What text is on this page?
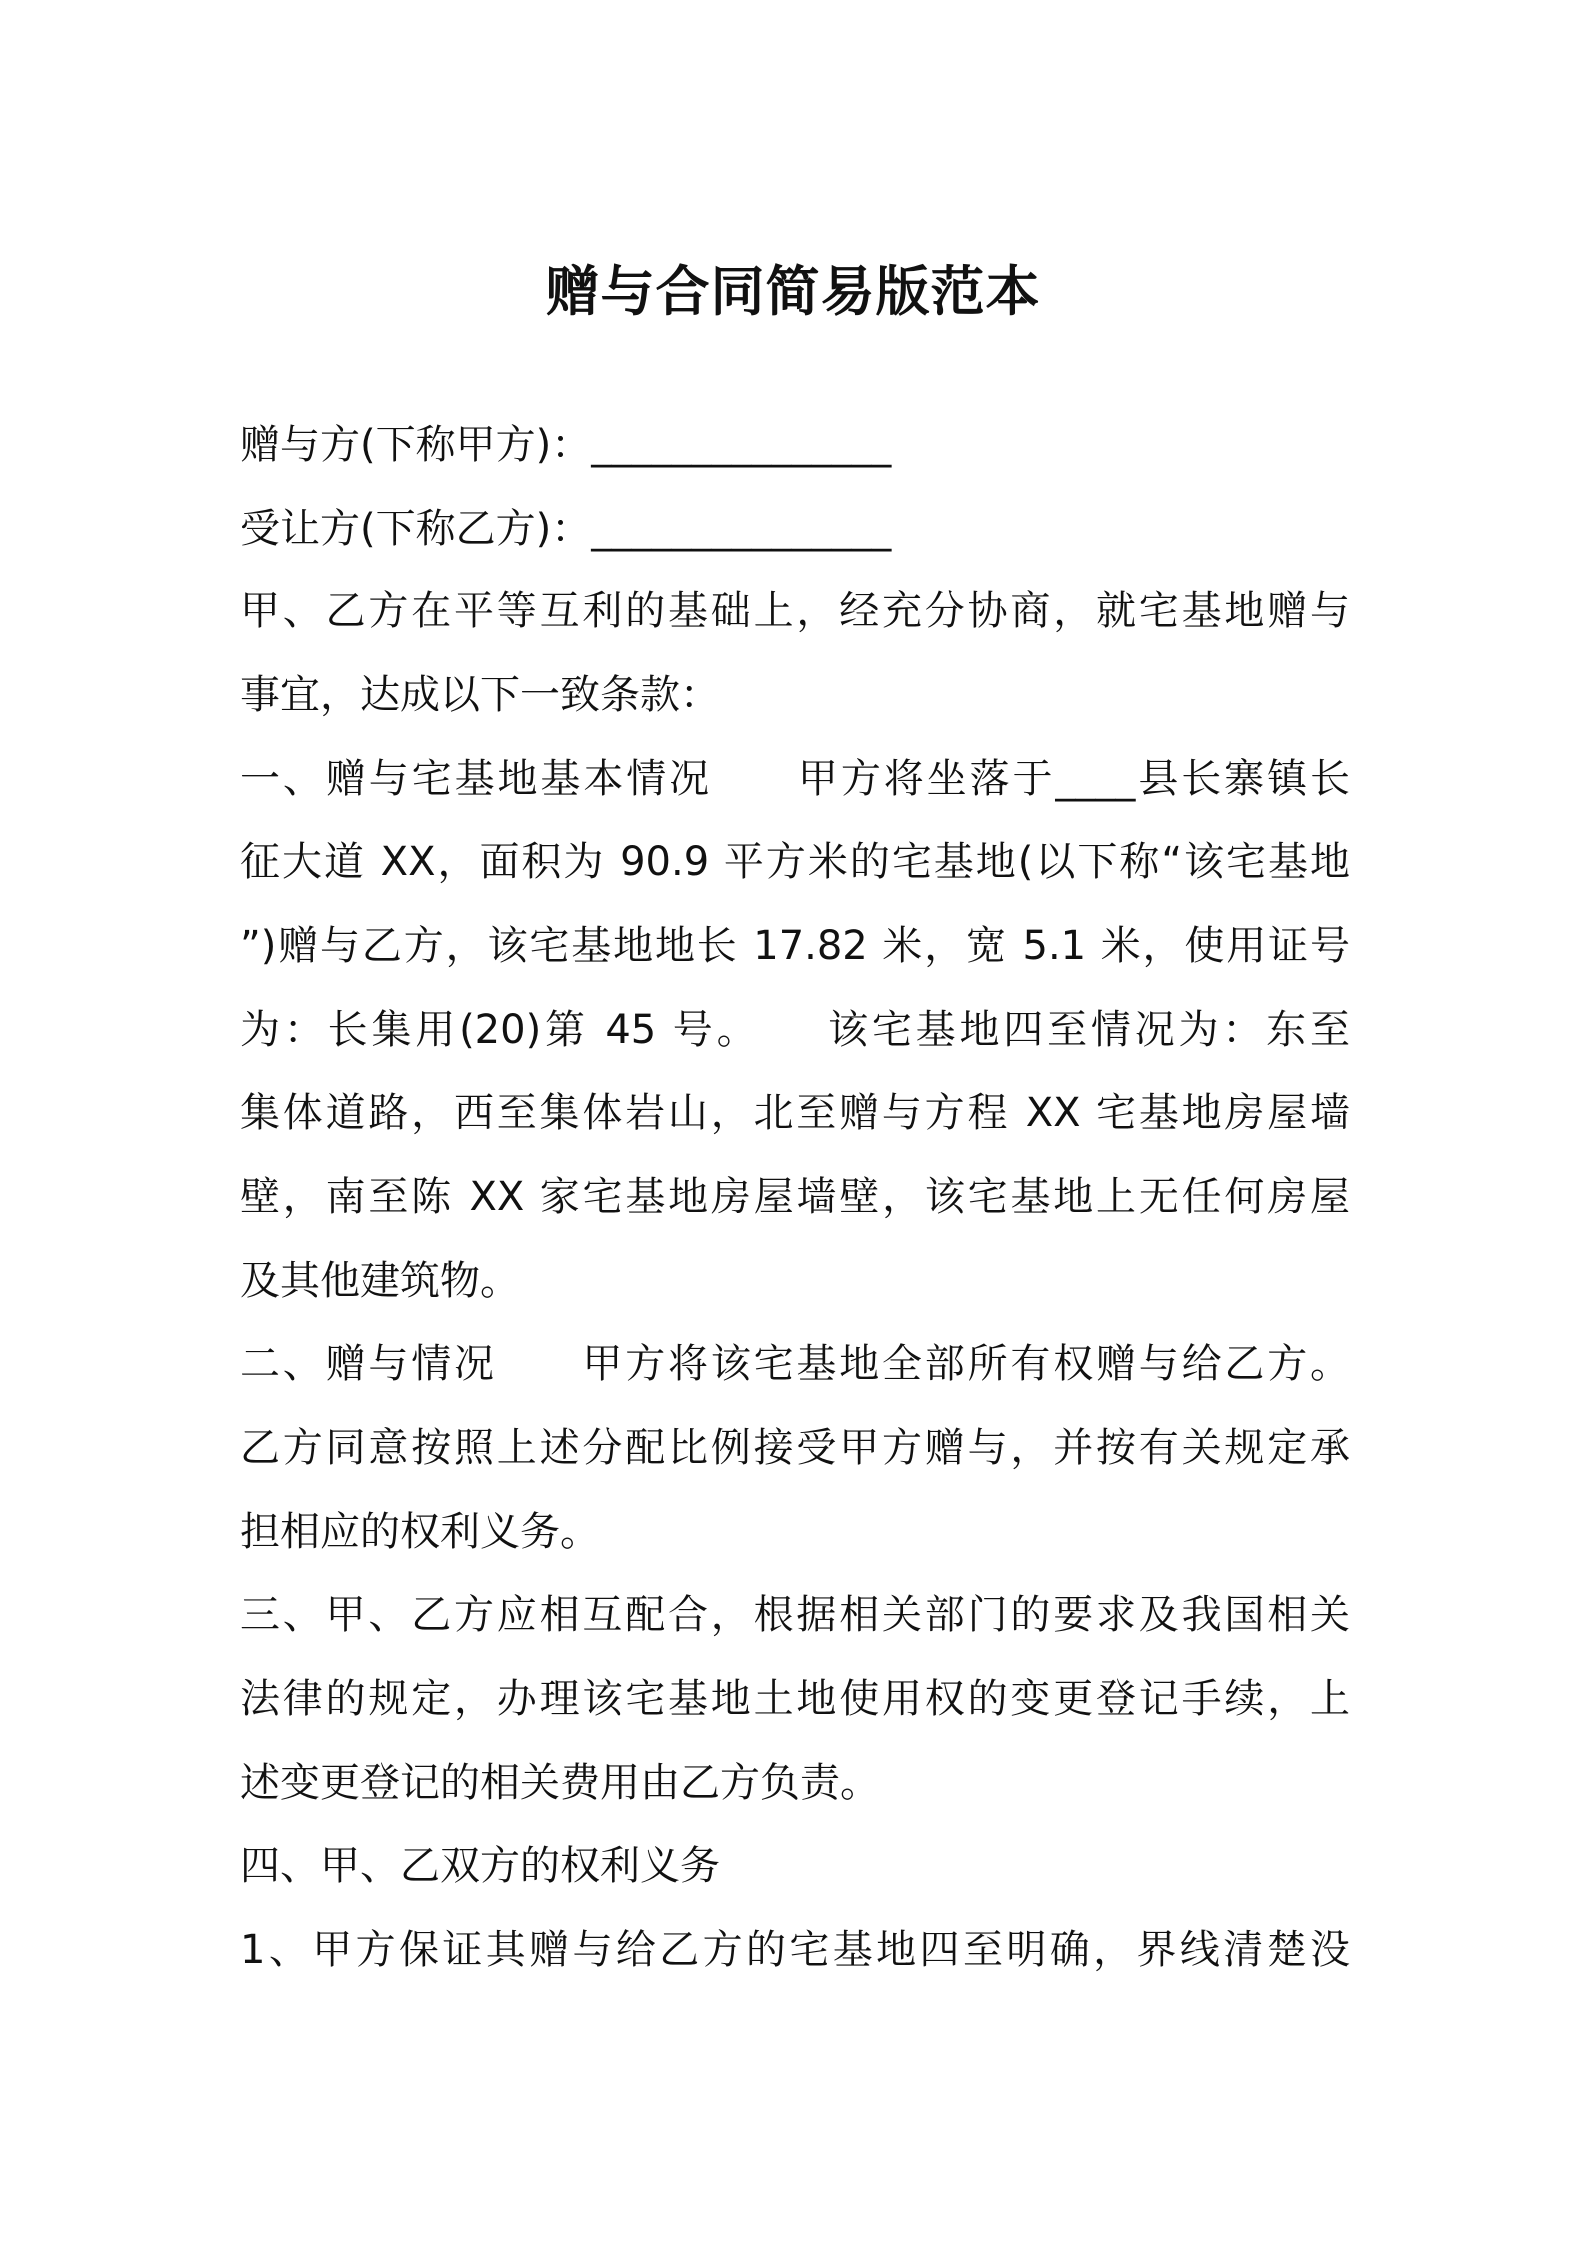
赠与合同简易版范本
赠与方(下称甲方)：_______________
受让方(下称乙方)：_______________
甲、乙方在平等互利的基础上，经充分协商，就宅基地赠与
事宜，达成以下一致条款：
一、赠与宅基地基本情况　　甲方将坐落于____县长寨镇长
征大道 XX，面积为 90.9 平方米的宅基地(以下称“该宅基地
”)赠与乙方，该宅基地地长 17.82 米，宽 5.1 米，使用证号
为：长集用(20)第 45 号。　　该宅基地四至情况为：东至
集体道路，西至集体岩山，北至赠与方程 XX 宅基地房屋墙
壁，南至陈 XX 家宅基地房屋墙壁，该宅基地上无任何房屋
及其他建筑物。
二、赠与情况　　甲方将该宅基地全部所有权赠与给乙方。
乙方同意按照上述分配比例接受甲方赠与，并按有关规定承
担相应的权利义务。
三、甲、乙方应相互配合，根据相关部门的要求及我国相关
法律的规定，办理该宅基地土地使用权的变更登记手续，上
述变更登记的相关费用由乙方负责。
四、甲、乙双方的权利义务
1、甲方保证其赠与给乙方的宅基地四至明确，界线清楚没
